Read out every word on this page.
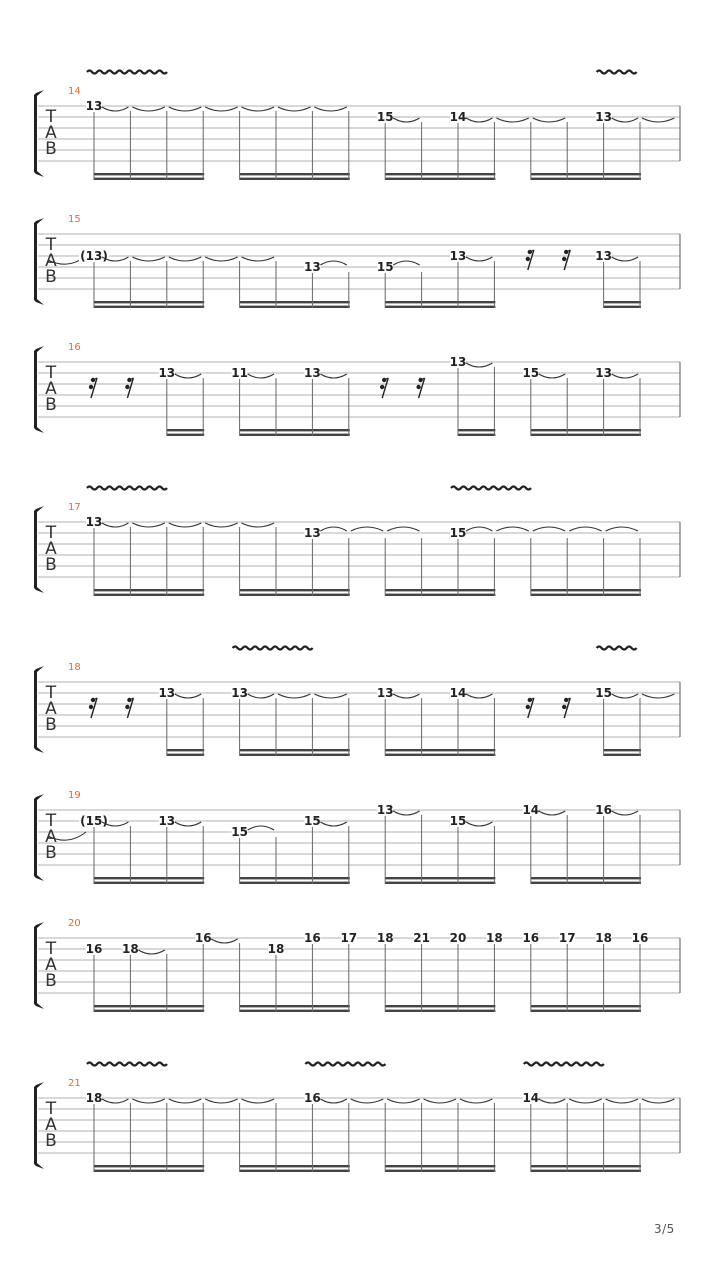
T
A
B
14
13
15	14	13
T
A
B
15
(13)
13	15
13	13
T
A
B
16
13	11	13
13
15	13
T
A
B
17
13
13	15
T
A
B
18
13	13	13	14	15
T
A
B
19
(15)	13
15
15
13
15
14	16
T
A
B
20
16 18
16
18
16 17 18 21 20 18 16 17 18 16
T
A
B
21
18	16	14
3/5
